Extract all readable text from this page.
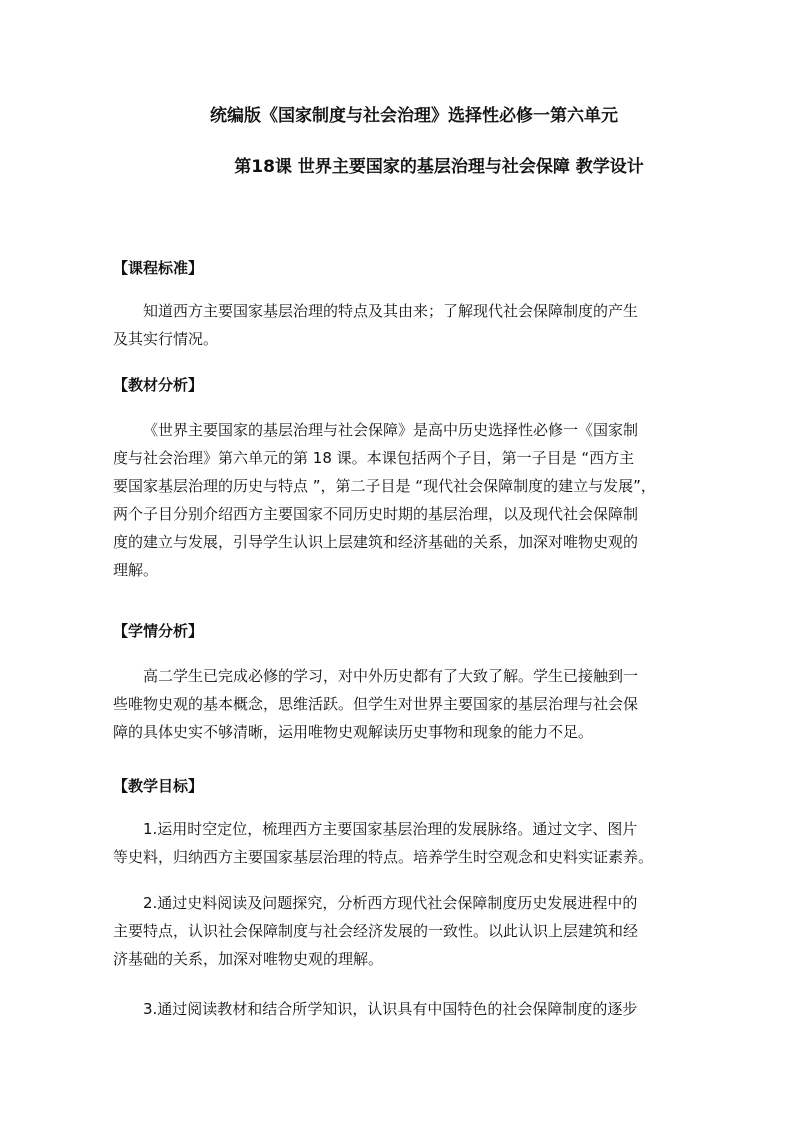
统编版《国家制度与社会治理》选择性必修一第六单元
第18课 世界主要国家的基层治理与社会保障 教学设计
【课程标准】

知道西方主要国家基层治理的特点及其由来；了解现代社会保障制度的产生
及其实行情况。

【教材分析】

《世界主要国家的基层治理与社会保障》是高中历史选择性必修一《国家制
度与社会治理》第六单元的第 18 课。本课包括两个子目，第一子目是 “西方主
要国家基层治理的历史与特点 ”，第二子目是 “现代社会保障制度的建立与发展”，
两个子目分别介绍西方主要国家不同历史时期的基层治理，以及现代社会保障制
度的建立与发展，引导学生认识上层建筑和经济基础的关系，加深对唯物史观的
理解。

【学情分析】

高二学生已完成必修的学习，对中外历史都有了大致了解。学生已接触到一
些唯物史观的基本概念，思维活跃。但学生对世界主要国家的基层治理与社会保
障的具体史实不够清晰，运用唯物史观解读历史事物和现象的能力不足。

【教学目标】

1.运用时空定位，梳理西方主要国家基层治理的发展脉络。通过文字、图片
等史料，归纳西方主要国家基层治理的特点。培养学生时空观念和史料实证素养。

2.通过史料阅读及问题探究，分析西方现代社会保障制度历史发展进程中的
主要特点，认识社会保障制度与社会经济发展的一致性。以此认识上层建筑和经
济基础的关系，加深对唯物史观的理解。

3.通过阅读教材和结合所学知识，认识具有中国特色的社会保障制度的逐步
